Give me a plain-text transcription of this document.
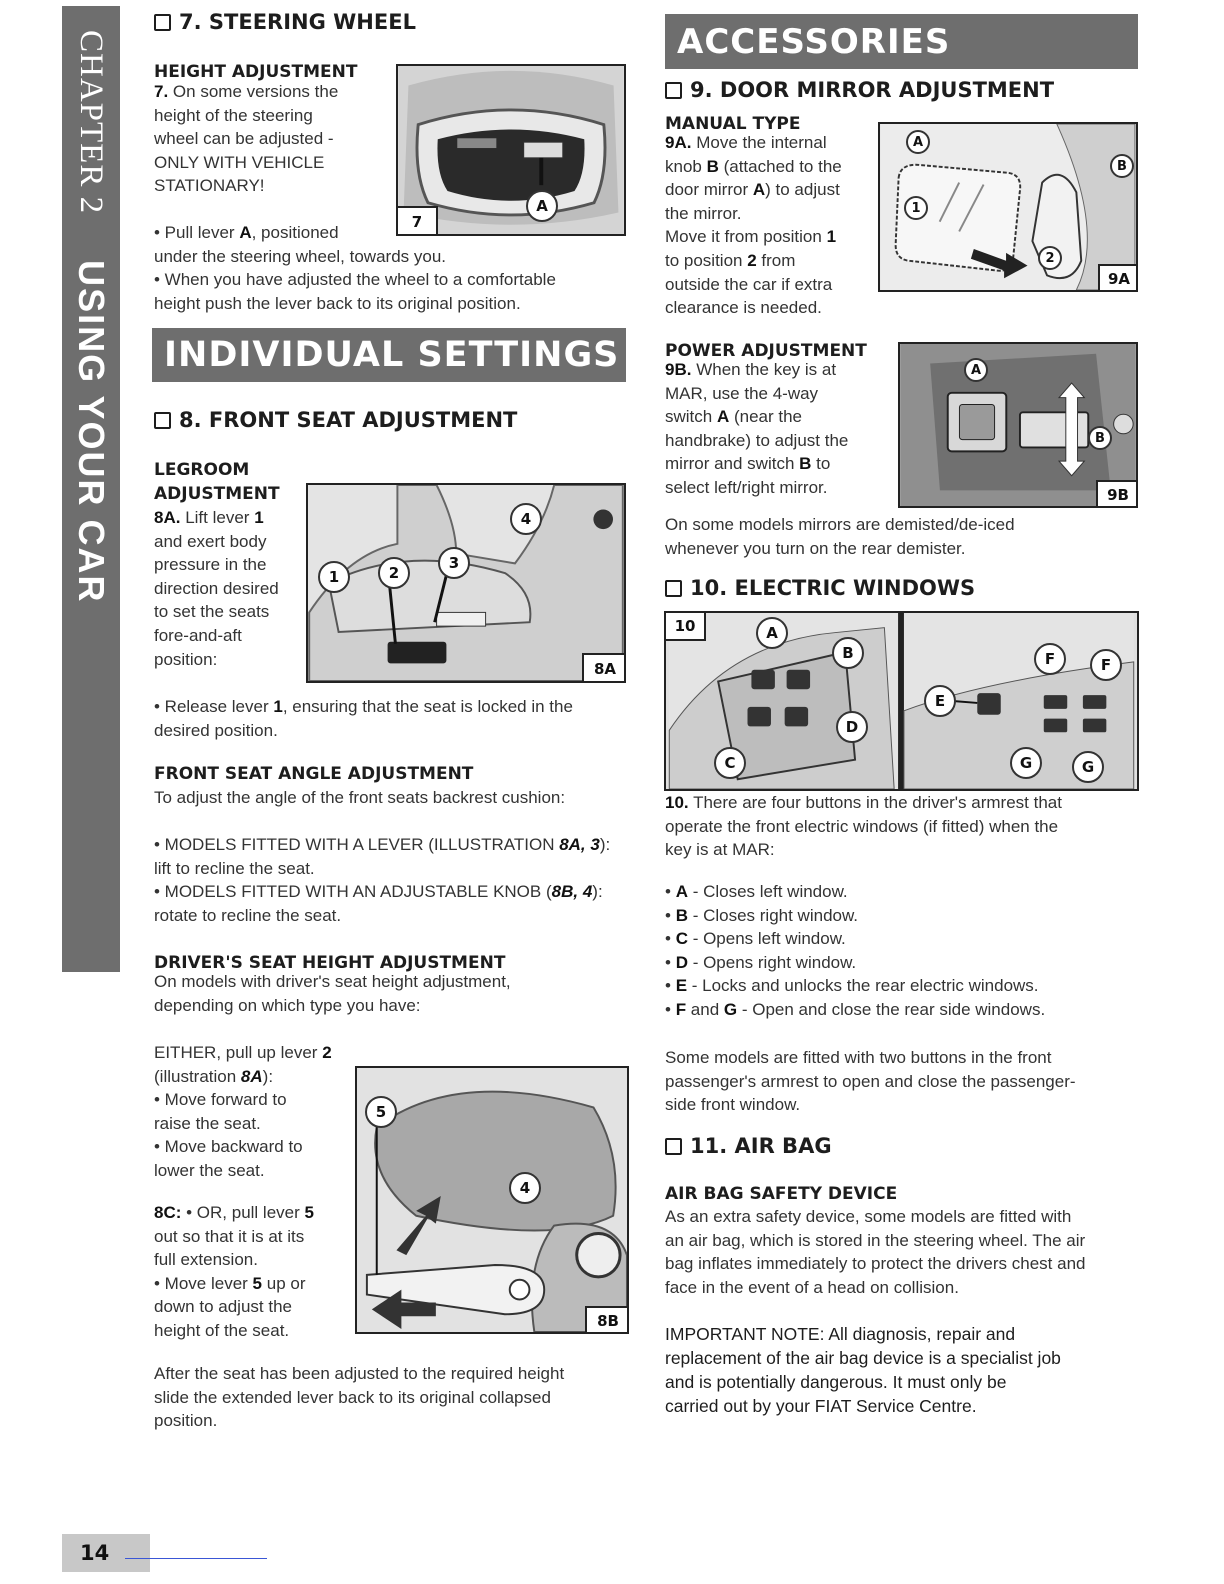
CHAPTER 2
USING YOUR CAR
7. STEERING WHEEL
HEIGHT ADJUSTMENT
7. On some versions the
height of the steering
wheel can be adjusted -
ONLY WITH VEHICLE
STATIONARY!
A
7
• Pull lever A, positioned
under the steering wheel, towards you.
• When you have adjusted the wheel to a comfortable
height push the lever back to its original position.
INDIVIDUAL SETTINGS
8. FRONT SEAT ADJUSTMENT
LEGROOM
ADJUSTMENT
8A. Lift lever 1
and exert body
pressure in the
direction desired
to set the seats
fore-and-aft
position:
4
1	2
3
8A
• Release lever 1, ensuring that the seat is locked in the
desired position.
FRONT SEAT ANGLE ADJUSTMENT
To adjust the angle of the front seats backrest cushion:
• MODELS FITTED WITH A LEVER (ILLUSTRATION 8A, 3):
lift to recline the seat.
• MODELS FITTED WITH AN ADJUSTABLE KNOB (8B, 4):
rotate to recline the seat.
DRIVER'S SEAT HEIGHT ADJUSTMENT
On models with driver's seat height adjustment,
depending on which type you have:
EITHER, pull up lever 2
(illustration 8A):
• Move forward to
raise the seat.
• Move backward to
lower the seat.
8C: • OR, pull lever 5
out so that it is at its
full extension.
• Move lever 5 up or
down to adjust the
height of the seat.
5
4
8B
After the seat has been adjusted to the required height
slide the extended lever back to its original collapsed
position.
ACCESSORIES
9. DOOR MIRROR ADJUSTMENT
MANUAL TYPE
9A. Move the internal
knob B (attached to the
door mirror A) to adjust
the mirror.
Move it from position 1
to position 2 from
outside the car if extra
clearance is needed.
A
B
1
2
9A
POWER ADJUSTMENT
9B. When the key is at
MAR, use the 4-way
switch A (near the
handbrake) to adjust the
mirror and switch B to
select left/right mirror.
A
B
9B
On some models mirrors are demisted/de-iced
whenever you turn on the rear demister.
10. ELECTRIC WINDOWS
10	A
B
C
D
E
F	F
G	G
10. There are four buttons in the driver's armrest that
operate the front electric windows (if fitted) when the
key is at MAR:
• A - Closes left window.
• B - Closes right window.
• C - Opens left window.
• D - Opens right window.
• E - Locks and unlocks the rear electric windows.
• F and G - Open and close the rear side windows.
Some models are fitted with two buttons in the front
passenger's armrest to open and close the passenger-
side front window.
11. AIR BAG
AIR BAG SAFETY DEVICE
As an extra safety device, some models are fitted with
an air bag, which is stored in the steering wheel. The air
bag inflates immediately to protect the drivers chest and
face in the event of a head on collision.
IMPORTANT NOTE: All diagnosis, repair and
replacement of the air bag device is a specialist job
and is potentially dangerous. It must only be
carried out by your FIAT Service Centre.
14
